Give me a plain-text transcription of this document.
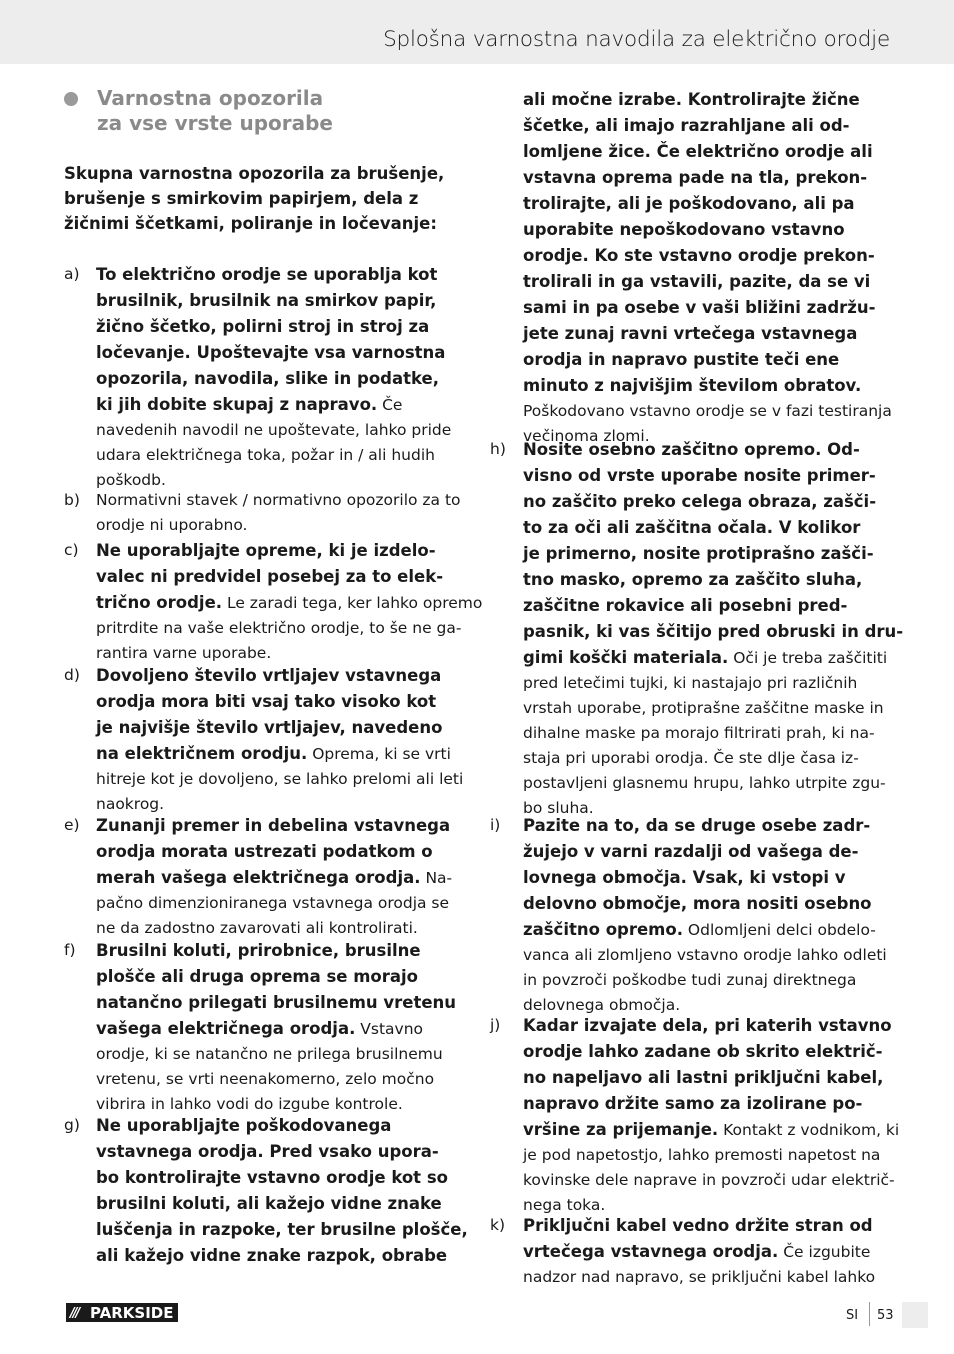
Splošna varnostna navodila za električno orodje
Varnostna opozorila
za vse vrste uporabe
Skupna varnostna opozorila za brušenje,
brušenje s smirkovim papirjem, dela z
žičnimi ščetkami, poliranje in ločevanje:
a) To električno orodje se uporablja kot
brusilnik, brusilnik na smirkov papir,
žično ščetko, polirni stroj in stroj za
ločevanje. Upoštevajte vsa varnostna
opozorila, navodila, slike in podatke,
ki jih dobite skupaj z napravo. Če
navedenih navodil ne upoštevate, lahko pride
udara električnega toka, požar in / ali hudih
poškodb.
b) Normativni stavek / normativno opozorilo za to
orodje ni uporabno.
c) Ne uporabljajte opreme, ki je izdelo-
valec ni predvidel posebej za to elek-
trično orodje. Le zaradi tega, ker lahko opremo
pritrdite na vaše električno orodje, to še ne ga-
rantira varne uporabe.
d) Dovoljeno število vrtljajev vstavnega
orodja mora biti vsaj tako visoko kot
je najvišje število vrtljajev, navedeno
na električnem orodju. Oprema, ki se vrti
hitreje kot je dovoljeno, se lahko prelomi ali leti
naokrog.
e) Zunanji premer in debelina vstavnega
orodja morata ustrezati podatkom o
merah vašega električnega orodja. Na-
pačno dimenzioniranega vstavnega orodja se
ne da zadostno zavarovati ali kontrolirati.
f) Brusilni koluti, prirobnice, brusilne
plošče ali druga oprema se morajo
natančno prilegati brusilnemu vretenu
vašega električnega orodja. Vstavno
orodje, ki se natančno ne prilega brusilnemu
vretenu, se vrti neenakomerno, zelo močno
vibrira in lahko vodi do izgube kontrole.
g) Ne uporabljajte poškodovanega
vstavnega orodja. Pred vsako upora-
bo kontrolirajte vstavno orodje kot so
brusilni koluti, ali kažejo vidne znake
luščenja in razpoke, ter brusilne plošče,
ali kažejo vidne znake razpok, obrabe
ali močne izrabe. Kontrolirajte žične
ščetke, ali imajo razrahljane ali od-
lomljene žice. Če električno orodje ali
vstavna oprema pade na tla, prekon-
trolirajte, ali je poškodovano, ali pa
uporabite nepoškodovano vstavno
orodje. Ko ste vstavno orodje prekon-
trolirali in ga vstavili, pazite, da se vi
sami in pa osebe v vaši bližini zadržu-
jete zunaj ravni vrtečega vstavnega
orodja in napravo pustite teči ene
minuto z najvišjim številom obratov.
Poškodovano vstavno orodje se v fazi testiranja
večinoma zlomi.
h) Nosite osebno zaščitno opremo. Od-
visno od vrste uporabe nosite primer-
no zaščito preko celega obraza, zašči-
to za oči ali zaščitna očala. V kolikor
je primerno, nosite protiprašno zašči-
tno masko, opremo za zaščito sluha,
zaščitne rokavice ali posebni pred-
pasnik, ki vas ščitijo pred obruski in dru-
gimi koščki materiala. Oči je treba zaščititi
pred letečimi tujki, ki nastajajo pri različnih
vrstah uporabe, protiprašne zaščitne maske in
dihalne maske pa morajo filtrirati prah, ki na-
staja pri uporabi orodja. Če ste dlje časa iz-
postavljeni glasnemu hrupu, lahko utrpite zgu-
bo sluha.
i) Pazite na to, da se druge osebe zadr-
žujejo v varni razdalji od vašega de-
lovnega območja. Vsak, ki vstopi v
delovno območje, mora nositi osebno
zaščitno opremo. Odlomljeni delci obdelo-
vanca ali zlomljeno vstavno orodje lahko odleti
in povzroči poškodbe tudi zunaj direktnega
delovnega območja.
j) Kadar izvajate dela, pri katerih vstavno
orodje lahko zadane ob skrito električ-
no napeljavo ali lastni priključni kabel,
napravo držite samo za izolirane po-
vršine za prijemanje. Kontakt z vodnikom, ki
je pod napetostjo, lahko premosti napetost na
kovinske dele naprave in povzroči udar električ-
nega toka.
k) Priključni kabel vedno držite stran od
vrtečega vstavnega orodja. Če izgubite
nadzor nad napravo, se priključni kabel lahko
/// PARKSIDE	SI 53
